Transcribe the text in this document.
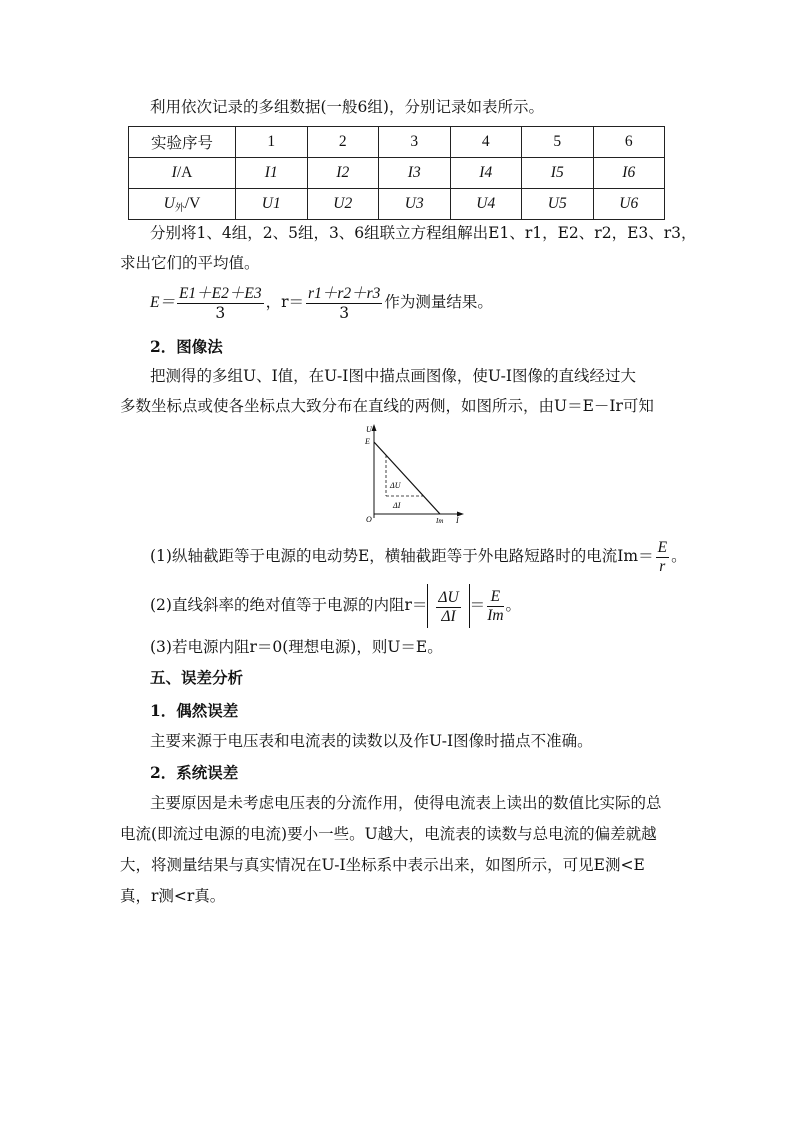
利用依次记录的多组数据(一般6组)，分别记录如表所示。
实验序号	1	2	3	4	5	6
I/A	I1	I2	I3	I4	I5	I6
$U_外/V$	U1	U2	U3	U4	U5	U6
分别将1、4组，2、5组，3、6组联立方程组解出E1、r1，E2、r2，E3、r3，
求出它们的平均值。
$E= \frac{E1+E2+E3}{3}$ ，$r= \frac{r1+r2+r3}{3}$ 作为测量结果。
2．图像法
把测得的多组U、I值，在U-I图中描点画图像，使U-I图像的直线经过大
多数坐标点或使各坐标点大致分布在直线的两侧，如图所示，由U＝E－Ir可知
U
E
O
ΔU
ΔI
Im I
(1)纵轴截距等于电源的电动势E，横轴截距等于外电路短路时的电流$Im= \frac{E}{r}$ 。
(2)直线斜率的绝对值等于电源的内阻$r= \frac{\Delta U}{\Delta I} = \frac{E}{Im}$ 。
(3)若电源内阻r＝0(理想电源)，则U＝E。
五、误差分析
1．偶然误差
主要来源于电压表和电流表的读数以及作U-I图像时描点不准确。
2．系统误差
主要原因是未考虑电压表的分流作用，使得电流表上读出的数值比实际的总
电流(即流过电源的电流)要小一些。U越大，电流表的读数与总电流的偏差就越
大，将测量结果与真实情况在U-I坐标系中表示出来，如图所示，可见E测<E
真，r测<r真。
